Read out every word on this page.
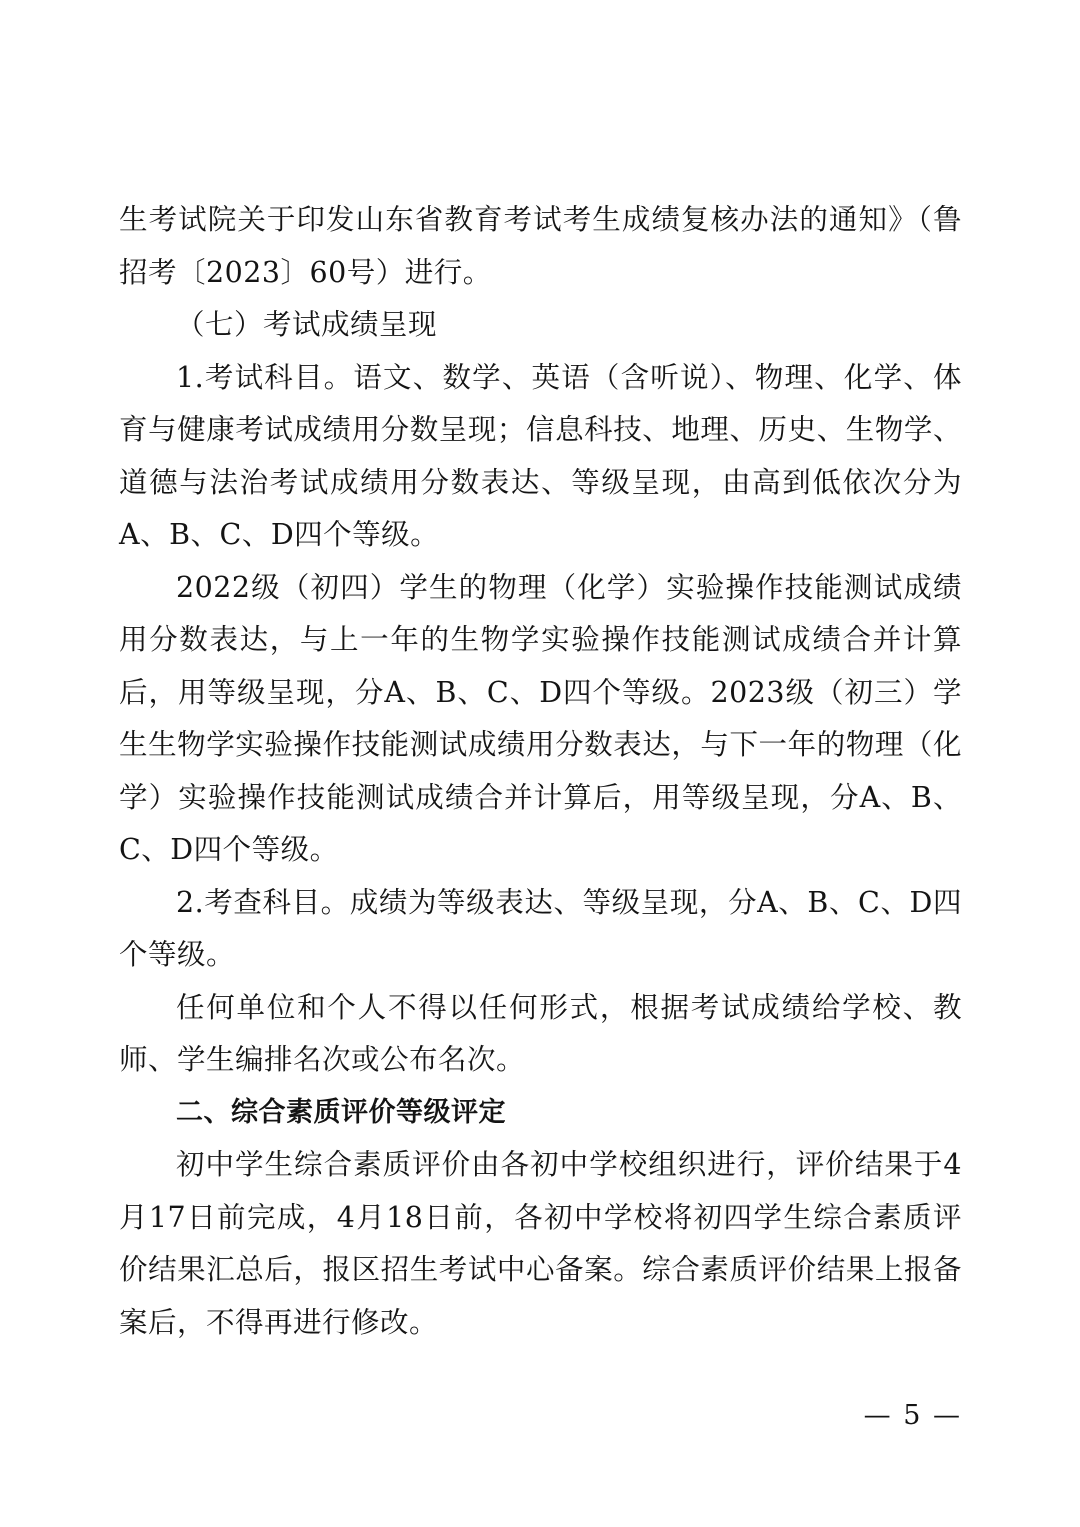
生考试院关于印发山东省教育考试考生成绩复核办法的通知》（鲁招考〔2023〕60号）进行。

（七）考试成绩呈现

1.考试科目。语文、数学、英语（含听说）、物理、化学、体育与健康考试成绩用分数呈现；信息科技、地理、历史、生物学、道德与法治考试成绩用分数表达、等级呈现，由高到低依次分为A、B、C、D四个等级。

2022级（初四）学生的物理（化学）实验操作技能测试成绩用分数表达，与上一年的生物学实验操作技能测试成绩合并计算后，用等级呈现，分A、B、C、D四个等级。2023级（初三）学生生物学实验操作技能测试成绩用分数表达，与下一年的物理（化学）实验操作技能测试成绩合并计算后，用等级呈现，分A、B、C、D四个等级。

2.考查科目。成绩为等级表达、等级呈现，分A、B、C、D四个等级。

任何单位和个人不得以任何形式，根据考试成绩给学校、教师、学生编排名次或公布名次。

二、综合素质评价等级评定

初中学生综合素质评价由各初中学校组织进行，评价结果于4月17日前完成，4月18日前，各初中学校将初四学生综合素质评价结果汇总后，报区招生考试中心备案。综合素质评价结果上报备案后，不得再进行修改。

— 5 —
